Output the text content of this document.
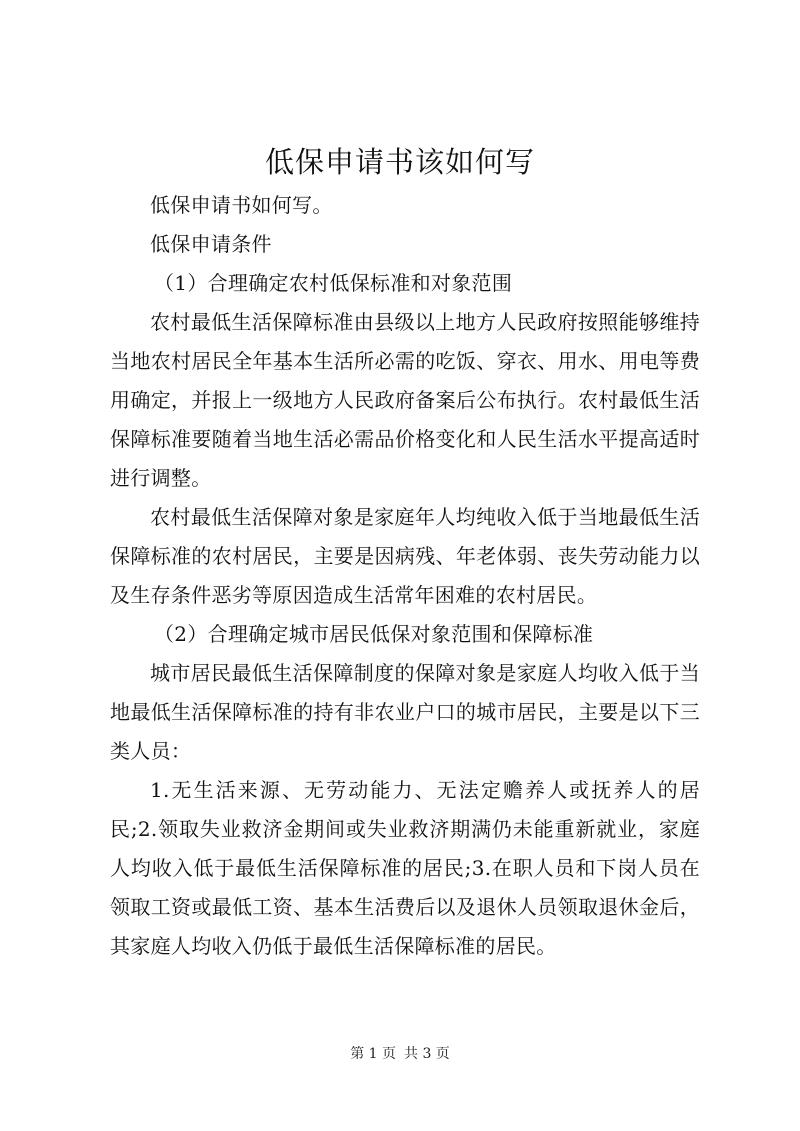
低保申请书该如何写

低保申请书如何写。

低保申请条件

（1）合理确定农村低保标准和对象范围

农村最低生活保障标准由县级以上地方人民政府按照能够维持当地农村居民全年基本生活所必需的吃饭、穿衣、用水、用电等费用确定，并报上一级地方人民政府备案后公布执行。农村最低生活保障标准要随着当地生活必需品价格变化和人民生活水平提高适时进行调整。

农村最低生活保障对象是家庭年人均纯收入低于当地最低生活保障标准的农村居民，主要是因病残、年老体弱、丧失劳动能力以及生存条件恶劣等原因造成生活常年困难的农村居民。

（2）合理确定城市居民低保对象范围和保障标准

城市居民最低生活保障制度的保障对象是家庭人均收入低于当地最低生活保障标准的持有非农业户口的城市居民，主要是以下三类人员：

1.无生活来源、无劳动能力、无法定赡养人或抚养人的居民;2.领取失业救济金期间或失业救济期满仍未能重新就业，家庭人均收入低于最低生活保障标准的居民;3.在职人员和下岗人员在领取工资或最低工资、基本生活费后以及退休人员领取退休金后，其家庭人均收入仍低于最低生活保障标准的居民。

第 1 页 共 3 页
